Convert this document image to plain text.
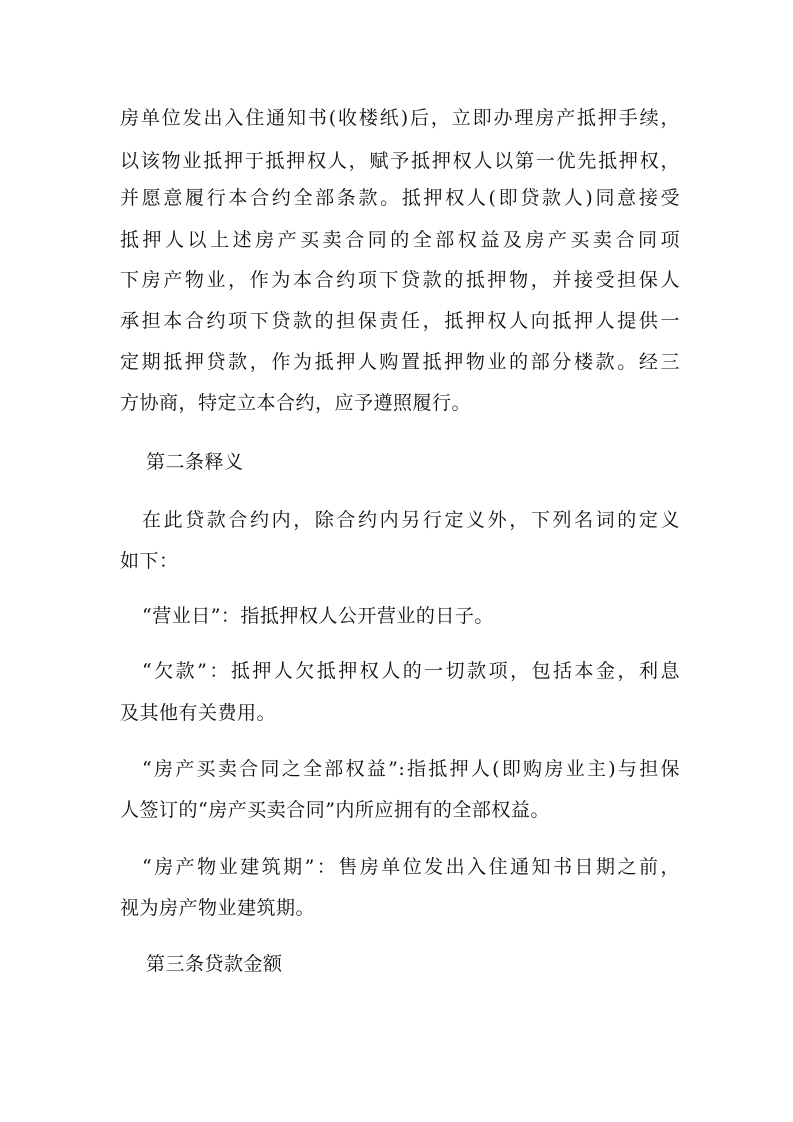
房单位发出入住通知书(收楼纸)后，立即办理房产抵押手续，
以该物业抵押于抵押权人，赋予抵押权人以第一优先抵押权，
并愿意履行本合约全部条款。抵押权人(即贷款人)同意接受
抵押人以上述房产买卖合同的全部权益及房产买卖合同项
下房产物业，作为本合约项下贷款的抵押物，并接受担保人
承担本合约项下贷款的担保责任，抵押权人向抵押人提供一
定期抵押贷款，作为抵押人购置抵押物业的部分楼款。经三
方协商，特定立本合约，应予遵照履行。
第二条释义
在此贷款合约内，除合约内另行定义外，下列名词的定义
如下：
“营业日”：指抵押权人公开营业的日子。
“欠款”：抵押人欠抵押权人的一切款项，包括本金，利息
及其他有关费用。
“房产买卖合同之全部权益”:指抵押人(即购房业主)与担保
人签订的“房产买卖合同”内所应拥有的全部权益。
“房产物业建筑期”：售房单位发出入住通知书日期之前，
视为房产物业建筑期。
第三条贷款金额
